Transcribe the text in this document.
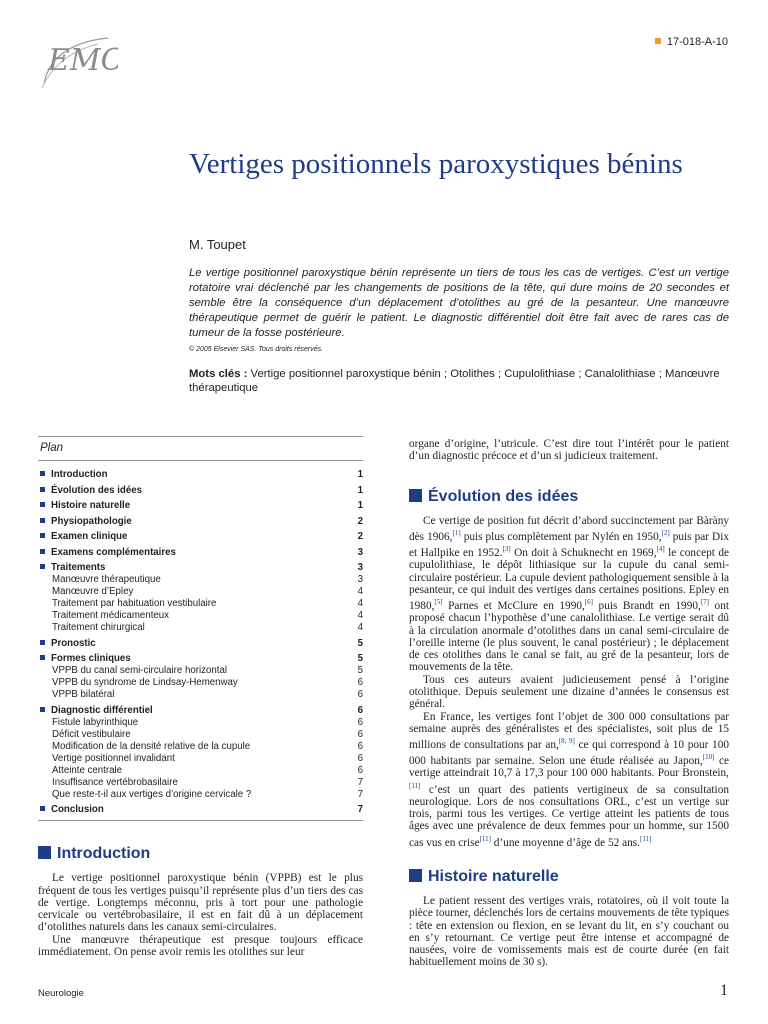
EMC
17-018-A-10
Vertiges positionnels paroxystiques bénins
M. Toupet
Le vertige positionnel paroxystique bénin représente un tiers de tous les cas de vertiges. C’est un vertige rotatoire vrai déclenché par les changements de positions de la tête, qui dure moins de 20 secondes et semble être la conséquence d’un déplacement d’otolithes au gré de la pesanteur. Une manœuvre thérapeutique permet de guérir le patient. Le diagnostic différentiel doit être fait avec de rares cas de tumeur de la fosse postérieure.
© 2005 Elsevier SAS. Tous droits réservés.
Mots clés : Vertige positionnel paroxystique bénin ; Otolithes ; Cupulolithiase ; Canalolithiase ; Manœuvre thérapeutique
Plan
Introduction	1
Évolution des idées	1
Histoire naturelle	1
Physiopathologie	2
Examen clinique	2
Examens complémentaires	3
Traitements	3
Manœuvre thérapeutique	3
Manœuvre d’Epley	4
Traitement par habituation vestibulaire	4
Traitement médicamenteux	4
Traitement chirurgical	4
Pronostic	5
Formes cliniques	5
VPPB du canal semi-circulaire horizontal	5
VPPB du syndrome de Lindsay-Hemenway	6
VPPB bilatéral	6
Diagnostic différentiel	6
Fistule labyrinthique	6
Déficit vestibulaire	6
Modification de la densité relative de la cupule	6
Vertige positionnel invalidant	6
Atteinte centrale	6
Insuffisance vertébrobasilaire	7
Que reste-t-il aux vertiges d’origine cervicale ?	7
Conclusion	7
Introduction

Le vertige positionnel paroxystique bénin (VPPB) est le plus fréquent de tous les vertiges puisqu’il représente plus d’un tiers des cas de vertige. Longtemps méconnu, pris à tort pour une pathologie cervicale ou vertébrobasilaire, il est en fait dû à un déplacement d’otolithes naturels dans les canaux semi-circulaires.

Une manœuvre thérapeutique est presque toujours efficace immédiatement. On pense avoir remis les otolithes sur leur

organe d’origine, l’utricule. C’est dire tout l’intérêt pour le patient d’un diagnostic précoce et d’un si judicieux traitement.

Évolution des idées

Ce vertige de position fut décrit d’abord succinctement par Bàràny dès 1906,[1] puis plus complètement par Nylén en 1950,[2] puis par Dix et Hallpike en 1952.[3] On doit à Schuknecht en 1969,[4] le concept de cupulolithiase, le dépôt lithiasique sur la cupule du canal semi-circulaire postérieur. La cupule devient pathologiquement sensible à la pesanteur, ce qui induit des vertiges dans certaines positions. Epley en 1980,[5] Parnes et McClure en 1990,[6] puis Brandt en 1990,[7] ont proposé chacun l’hypothèse d’une canalolithiase. Le vertige serait dû à la circulation anormale d’otolithes dans un canal semi-circulaire de l’oreille interne (le plus souvent, le canal postérieur) ; le déplacement de ces otolithes dans le canal se fait, au gré de la pesanteur, lors de mouvements de la tête.

Tous ces auteurs avaient judicieusement pensé à l’origine otolithique. Depuis seulement une dizaine d’années le consensus est général.

En France, les vertiges font l’objet de 300 000 consultations par semaine auprès des généralistes et des spécialistes, soit plus de 15 millions de consultations par an,[8, 9] ce qui correspond à 10 pour 100 000 habitants par semaine. Selon une étude réalisée au Japon,[10] ce vertige atteindrait 10,7 à 17,3 pour 100 000 habitants. Pour Bronstein,[11] c’est un quart des patients vertigineux de sa consultation neurologique. Lors de nos consultations ORL, c’est un vertige sur trois, parmi tous les vertiges. Ce vertige atteint les patients de tous âges avec une prévalence de deux femmes pour un homme, sur 1500 cas vus en crise[11] d’une moyenne d’âge de 52 ans.[11]

Histoire naturelle

Le patient ressent des vertiges vrais, rotatoires, où il voit toute la pièce tourner, déclenchés lors de certains mouvements de tête typiques : tête en extension ou flexion, en se levant du lit, en s’y couchant ou en s’y retournant. Ce vertige peut être intense et accompagné de nausées, voire de vomissements mais est de courte durée (en fait habituellement moins de 30 s).

Neurologie	1
